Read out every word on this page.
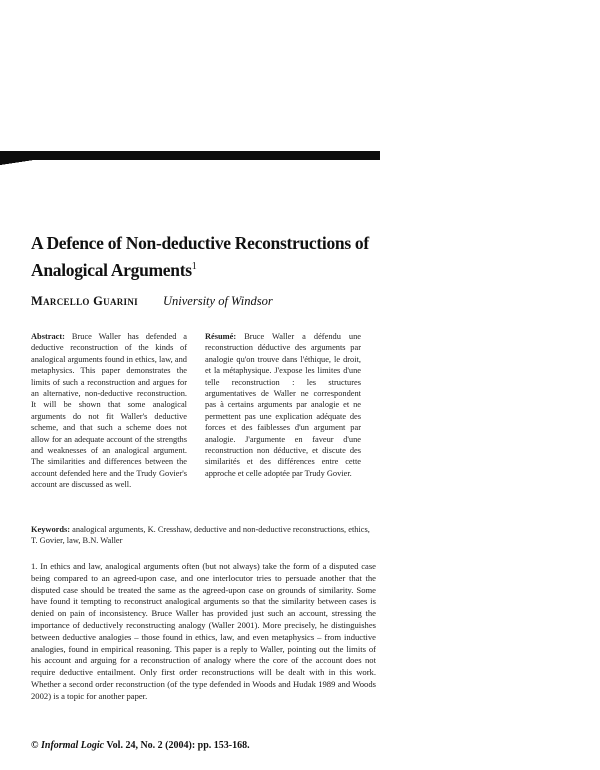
A Defence of Non-deductive Reconstructions of Analogical Arguments$^1$
Marcello Guarini University of Windsor

Abstract: Bruce Waller has defended a deductive reconstruction of the kinds of analogical arguments found in ethics, law, and metaphysics. This paper demonstrates the limits of such a reconstruction and argues for an alternative, non-deductive reconstruction. It will be shown that some analogical arguments do not fit Waller's deductive scheme, and that such a scheme does not allow for an adequate account of the strengths and weaknesses of an analogical argument. The similarities and differences between the account defended here and the Trudy Govier's account are discussed as well.

Résumé: Bruce Waller a défendu une reconstruction déductive des arguments par analogie qu'on trouve dans l'éthique, le droit, et la métaphysique. J'expose les limites d'une telle reconstruction : les structures argumentatives de Waller ne correspondent pas à certains arguments par analogie et ne permettent pas une explication adéquate des forces et des faiblesses d'un argument par analogie. J'argumente en faveur d'une reconstruction non déductive, et discute des similarités et des différences entre cette approche et celle adoptée par Trudy Govier.

Keywords: analogical arguments, K. Cresshaw, deductive and non-deductive reconstructions, ethics, T. Govier, law, B.N. Waller

1. In ethics and law, analogical arguments often (but not always) take the form of a disputed case being compared to an agreed-upon case, and one interlocutor tries to persuade another that the disputed case should be treated the same as the agreed-upon case on grounds of similarity. Some have found it tempting to reconstruct analogical arguments so that the similarity between cases is denied on pain of inconsistency. Bruce Waller has provided just such an account, stressing the importance of deductively reconstructing analogy (Waller 2001). More precisely, he distinguishes between deductive analogies – those found in ethics, law, and even metaphysics – from inductive analogies, found in empirical reasoning. This paper is a reply to Waller, pointing out the limits of his account and arguing for a reconstruction of analogy where the core of the account does not require deductive entailment. Only first order reconstructions will be dealt with in this work. Whether a second order reconstruction (of the type defended in Woods and Hudak 1989 and Woods 2002) is a topic for another paper.

© Informal Logic Vol. 24, No. 2 (2004): pp. 153-168.
